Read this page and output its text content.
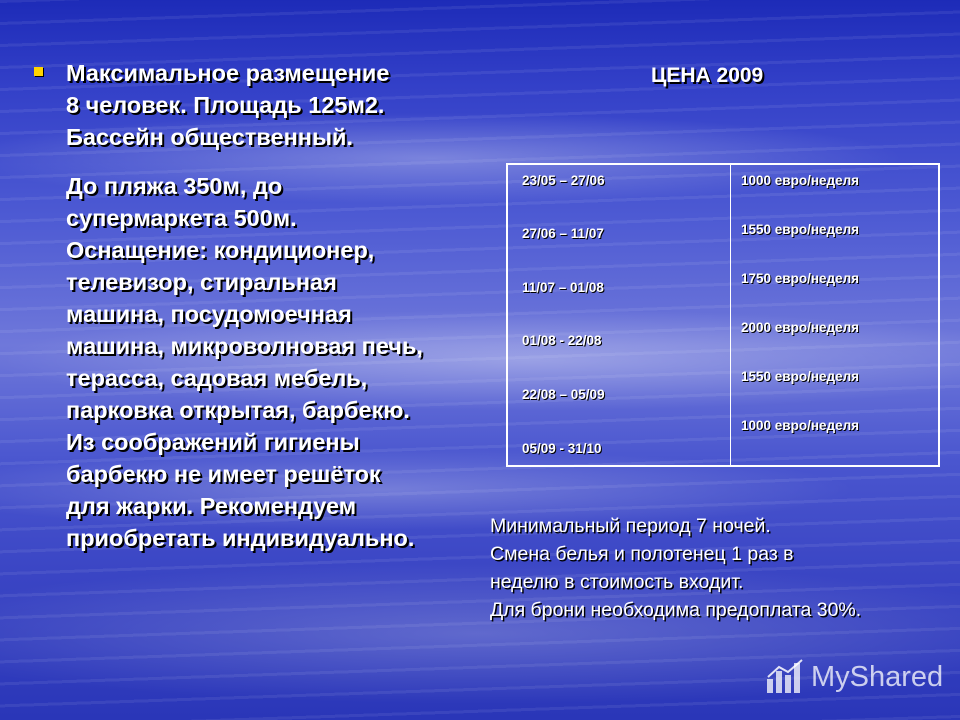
Максимальное размещение
8 человек. Площадь 125м2.
Бассейн общественный.
До пляжа 350м, до
супермаркета 500м.
Оснащение: кондиционер,
телевизор, стиральная
машина, посудомоечная
машина, микроволновая печь,
терасса, садовая мебель,
парковка открытая, барбекю.
Из соображений гигиены
барбекю не имеет решёток
для жарки. Рекомендуем
приобретать индивидуально.
ЦЕНА 2009
23/05 – 27/06
27/06 – 11/07
11/07 – 01/08
01/08 - 22/08
22/08 – 05/09
05/09 - 31/10
1000 евро/неделя
1550 евро/неделя
1750 евро/неделя
2000 евро/неделя
1550 евро/неделя
1000 евро/неделя
Минимальный период 7 ночей.
Смена белья и полотенец 1 раз в
неделю в стоимость входит.
Для брони необходима предоплата 30%.
MyShared
